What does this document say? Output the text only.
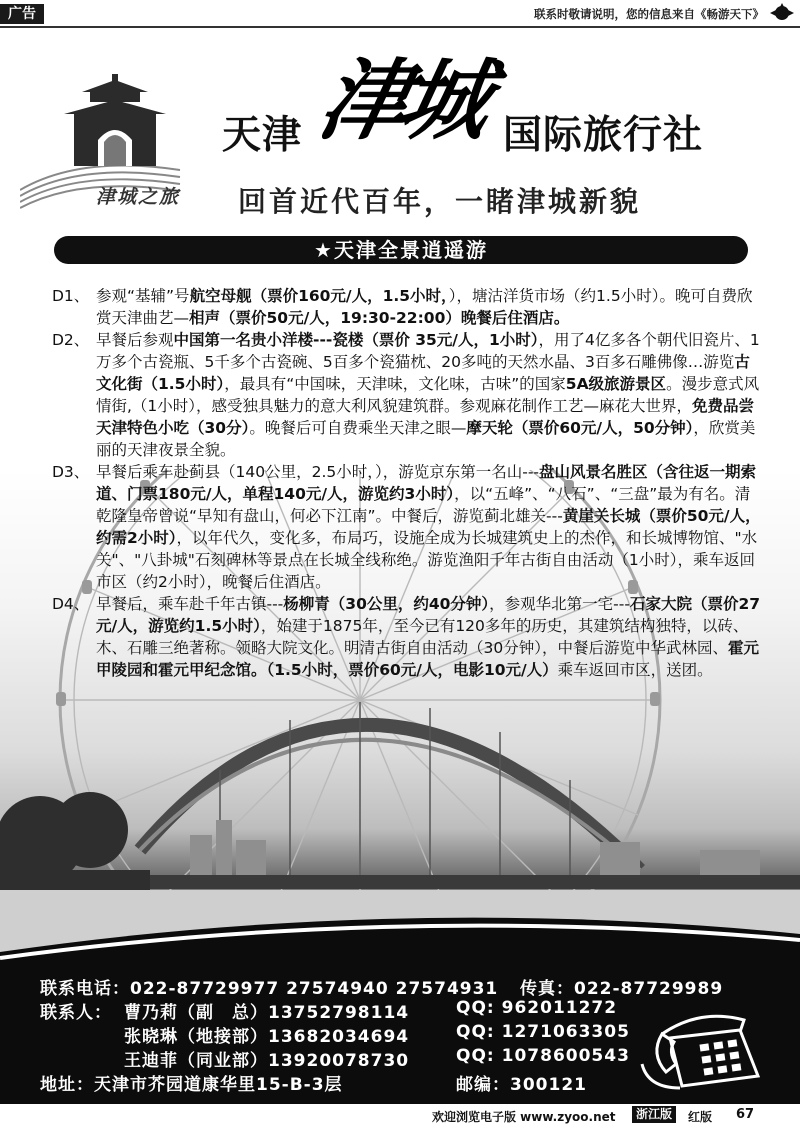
广告	联系时敬请说明，您的信息来自《畅游天下》
津城之旅
天津 津城 国际旅行社
回首近代百年，一睹津城新貌
★天津全景逍遥游
D1、 参观“基辅”号航空母舰（票价160元/人，1.5小时，），塘沽洋货市场（约1.5小时）。晚可自费欣赏天津曲艺—相声（票价50元/人，19:30-22:00）晚餐后住酒店。
D2、 早餐后参观中国第一名贵小洋楼---瓷楼（票价 35元/人，1小时），用了4亿多各个朝代旧瓷片、1万多个古瓷瓶、5千多个古瓷碗、5百多个瓷猫枕、20多吨的天然水晶、3百多石雕佛像…游览古文化街（1.5小时），最具有“中国味，天津味，文化味，古味”的国家5A级旅游景区。漫步意式风情街,（1小时），感受独具魅力的意大利风貌建筑群。参观麻花制作工艺—麻花大世界，免费品尝天津特色小吃（30分）。晚餐后可自费乘坐天津之眼—摩天轮（票价60元/人，50分钟），欣赏美丽的天津夜景全貌。
D3、 早餐后乘车赴蓟县（140公里，2.5小时，），游览京东第一名山---盘山风景名胜区（含往返一期索道、门票180元/人，单程140元/人，游览约3小时），以“五峰”、“八石”、“三盘”最为有名。清乾隆皇帝曾说“早知有盘山，何必下江南”。中餐后，游览蓟北雄关---黄崖关长城（票价50元/人，约需2小时），以年代久，变化多，布局巧，设施全成为长城建筑史上的杰作，和长城博物馆、"水关"、"八卦城"石刻碑林等景点在长城全线称绝。游览渔阳千年古街自由活动（1小时），乘车返回市区（约2小时），晚餐后住酒店。
D4、 早餐后，乘车赴千年古镇---杨柳青（30公里，约40分钟），参观华北第一宅---石家大院（票价27元/人，游览约1.5小时），始建于1875年，至今已有120多年的历史，其建筑结构独特，以砖、木、石雕三绝著称。领略大院文化。明清古街自由活动（30分钟），中餐后游览中华武林园、霍元甲陵园和霍元甲纪念馆。（1.5小时，票价60元/人，电影10元/人）乘车返回市区，送团。
联系电话：022-87729977 27574940 27574931 传真：022-87729989
联系人： 曹乃莉（副　总）13752798114	QQ: 962011272
张晓琳（地接部）13682034694	QQ: 1271063305
王迪菲（同业部）13920078730	QQ: 1078600543
地址：天津市芥园道康华里15-B-3层	邮编：300121
欢迎浏览电子版 www.zyoo.net	浙江版	红版 67
